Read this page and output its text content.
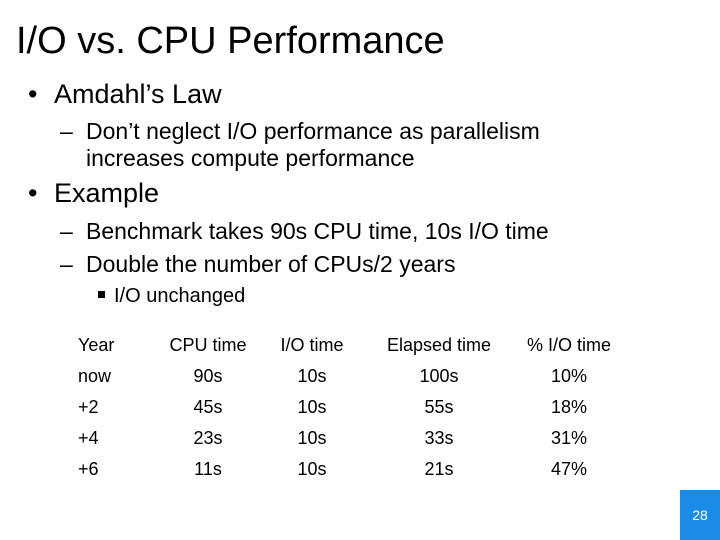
I/O vs. CPU Performance
• Amdahl’s Law
– Don’t neglect I/O performance as parallelism
increases compute performance
• Example
– Benchmark takes 90s CPU time, 10s I/O time
– Double the number of CPUs/2 years
I/O unchanged
Year	CPU time	I/O time	Elapsed time	% I/O time
now	90s	10s	100s	10%
+2	45s	10s	55s	18%
+4	23s	10s	33s	31%
+6	11s	10s	21s	47%
28
